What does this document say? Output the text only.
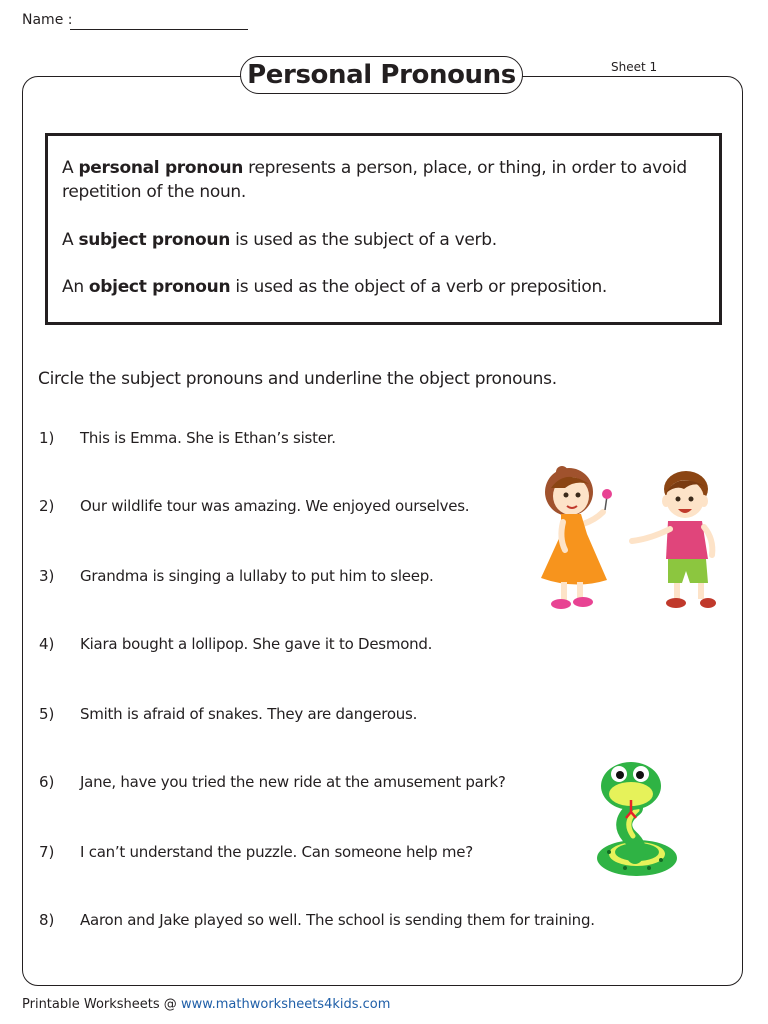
Name :
Sheet 1
Personal Pronouns
A personal pronoun represents a person, place, or thing, in order to avoid repetition of the noun.
A subject pronoun is used as the subject of a verb.
An object pronoun is used as the object of a verb or preposition.
Circle the subject pronouns and underline the object pronouns.
1) This is Emma. She is Ethan’s sister.
2) Our wildlife tour was amazing. We enjoyed ourselves.
3) Grandma is singing a lullaby to put him to sleep.
4) Kiara bought a lollipop. She gave it to Desmond.
5) Smith is afraid of snakes. They are dangerous.
6) Jane, have you tried the new ride at the amusement park?
7) I can’t understand the puzzle. Can someone help me?
8) Aaron and Jake played so well. The school is sending them for training.
Printable Worksheets @ www.mathworksheets4kids.com
